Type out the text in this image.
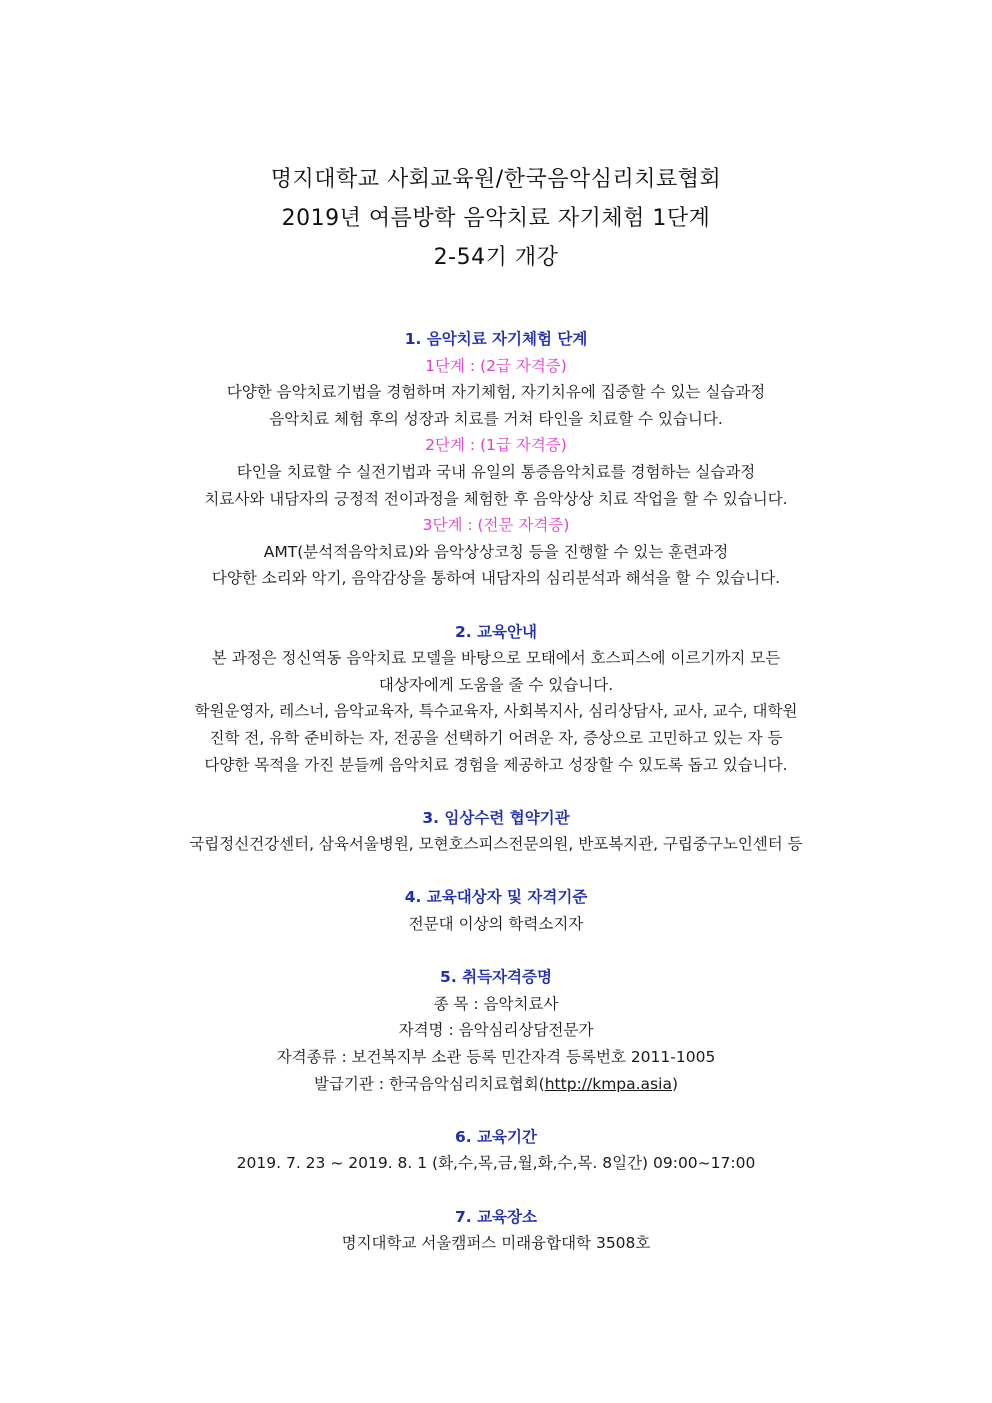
명지대학교 사회교육원/한국음악심리치료협회
2019년 여름방학 음악치료 자기체험 1단계
2-54기 개강
1. 음악치료 자기체험 단계
1단계 : (2급 자격증)
다양한 음악치료기법을 경험하며 자기체험, 자기치유에 집중할 수 있는 실습과정
음악치료 체험 후의 성장과 치료를 거쳐 타인을 치료할 수 있습니다.
2단계 : (1급 자격증)
타인을 치료할 수 실전기법과 국내 유일의 통증음악치료를 경험하는 실습과정
치료사와 내담자의 긍정적 전이과정을 체험한 후 음악상상 치료 작업을 할 수 있습니다.
3단계 : (전문 자격증)
AMT(분석적음악치료)와 음악상상코칭 등을 진행할 수 있는 훈련과정
다양한 소리와 악기, 음악감상을 통하여 내담자의 심리분석과 해석을 할 수 있습니다.
2. 교육안내
본 과정은 정신역동 음악치료 모델을 바탕으로 모태에서 호스피스에 이르기까지 모든
대상자에게 도움을 줄 수 있습니다.
학원운영자, 레스너, 음악교육자, 특수교육자, 사회복지사, 심리상담사, 교사, 교수, 대학원
진학 전, 유학 준비하는 자, 전공을 선택하기 어려운 자, 증상으로 고민하고 있는 자 등
다양한 목적을 가진 분들께 음악치료 경험을 제공하고 성장할 수 있도록 돕고 있습니다.
3. 임상수련 협약기관
국립정신건강센터, 삼육서울병원, 모현호스피스전문의원, 반포복지관, 구립중구노인센터 등
4. 교육대상자 및 자격기준
전문대 이상의 학력소지자
5. 취득자격증명
종 목 : 음악치료사
자격명 : 음악심리상담전문가
자격종류 : 보건복지부 소관 등록 민간자격 등록번호 2011-1005
발급기관 : 한국음악심리치료협회(http://kmpa.asia)
6. 교육기간
2019. 7. 23 ~ 2019. 8. 1 (화,수,목,금,월,화,수,목. 8일간) 09:00~17:00
7. 교육장소
명지대학교 서울캠퍼스 미래융합대학 3508호
